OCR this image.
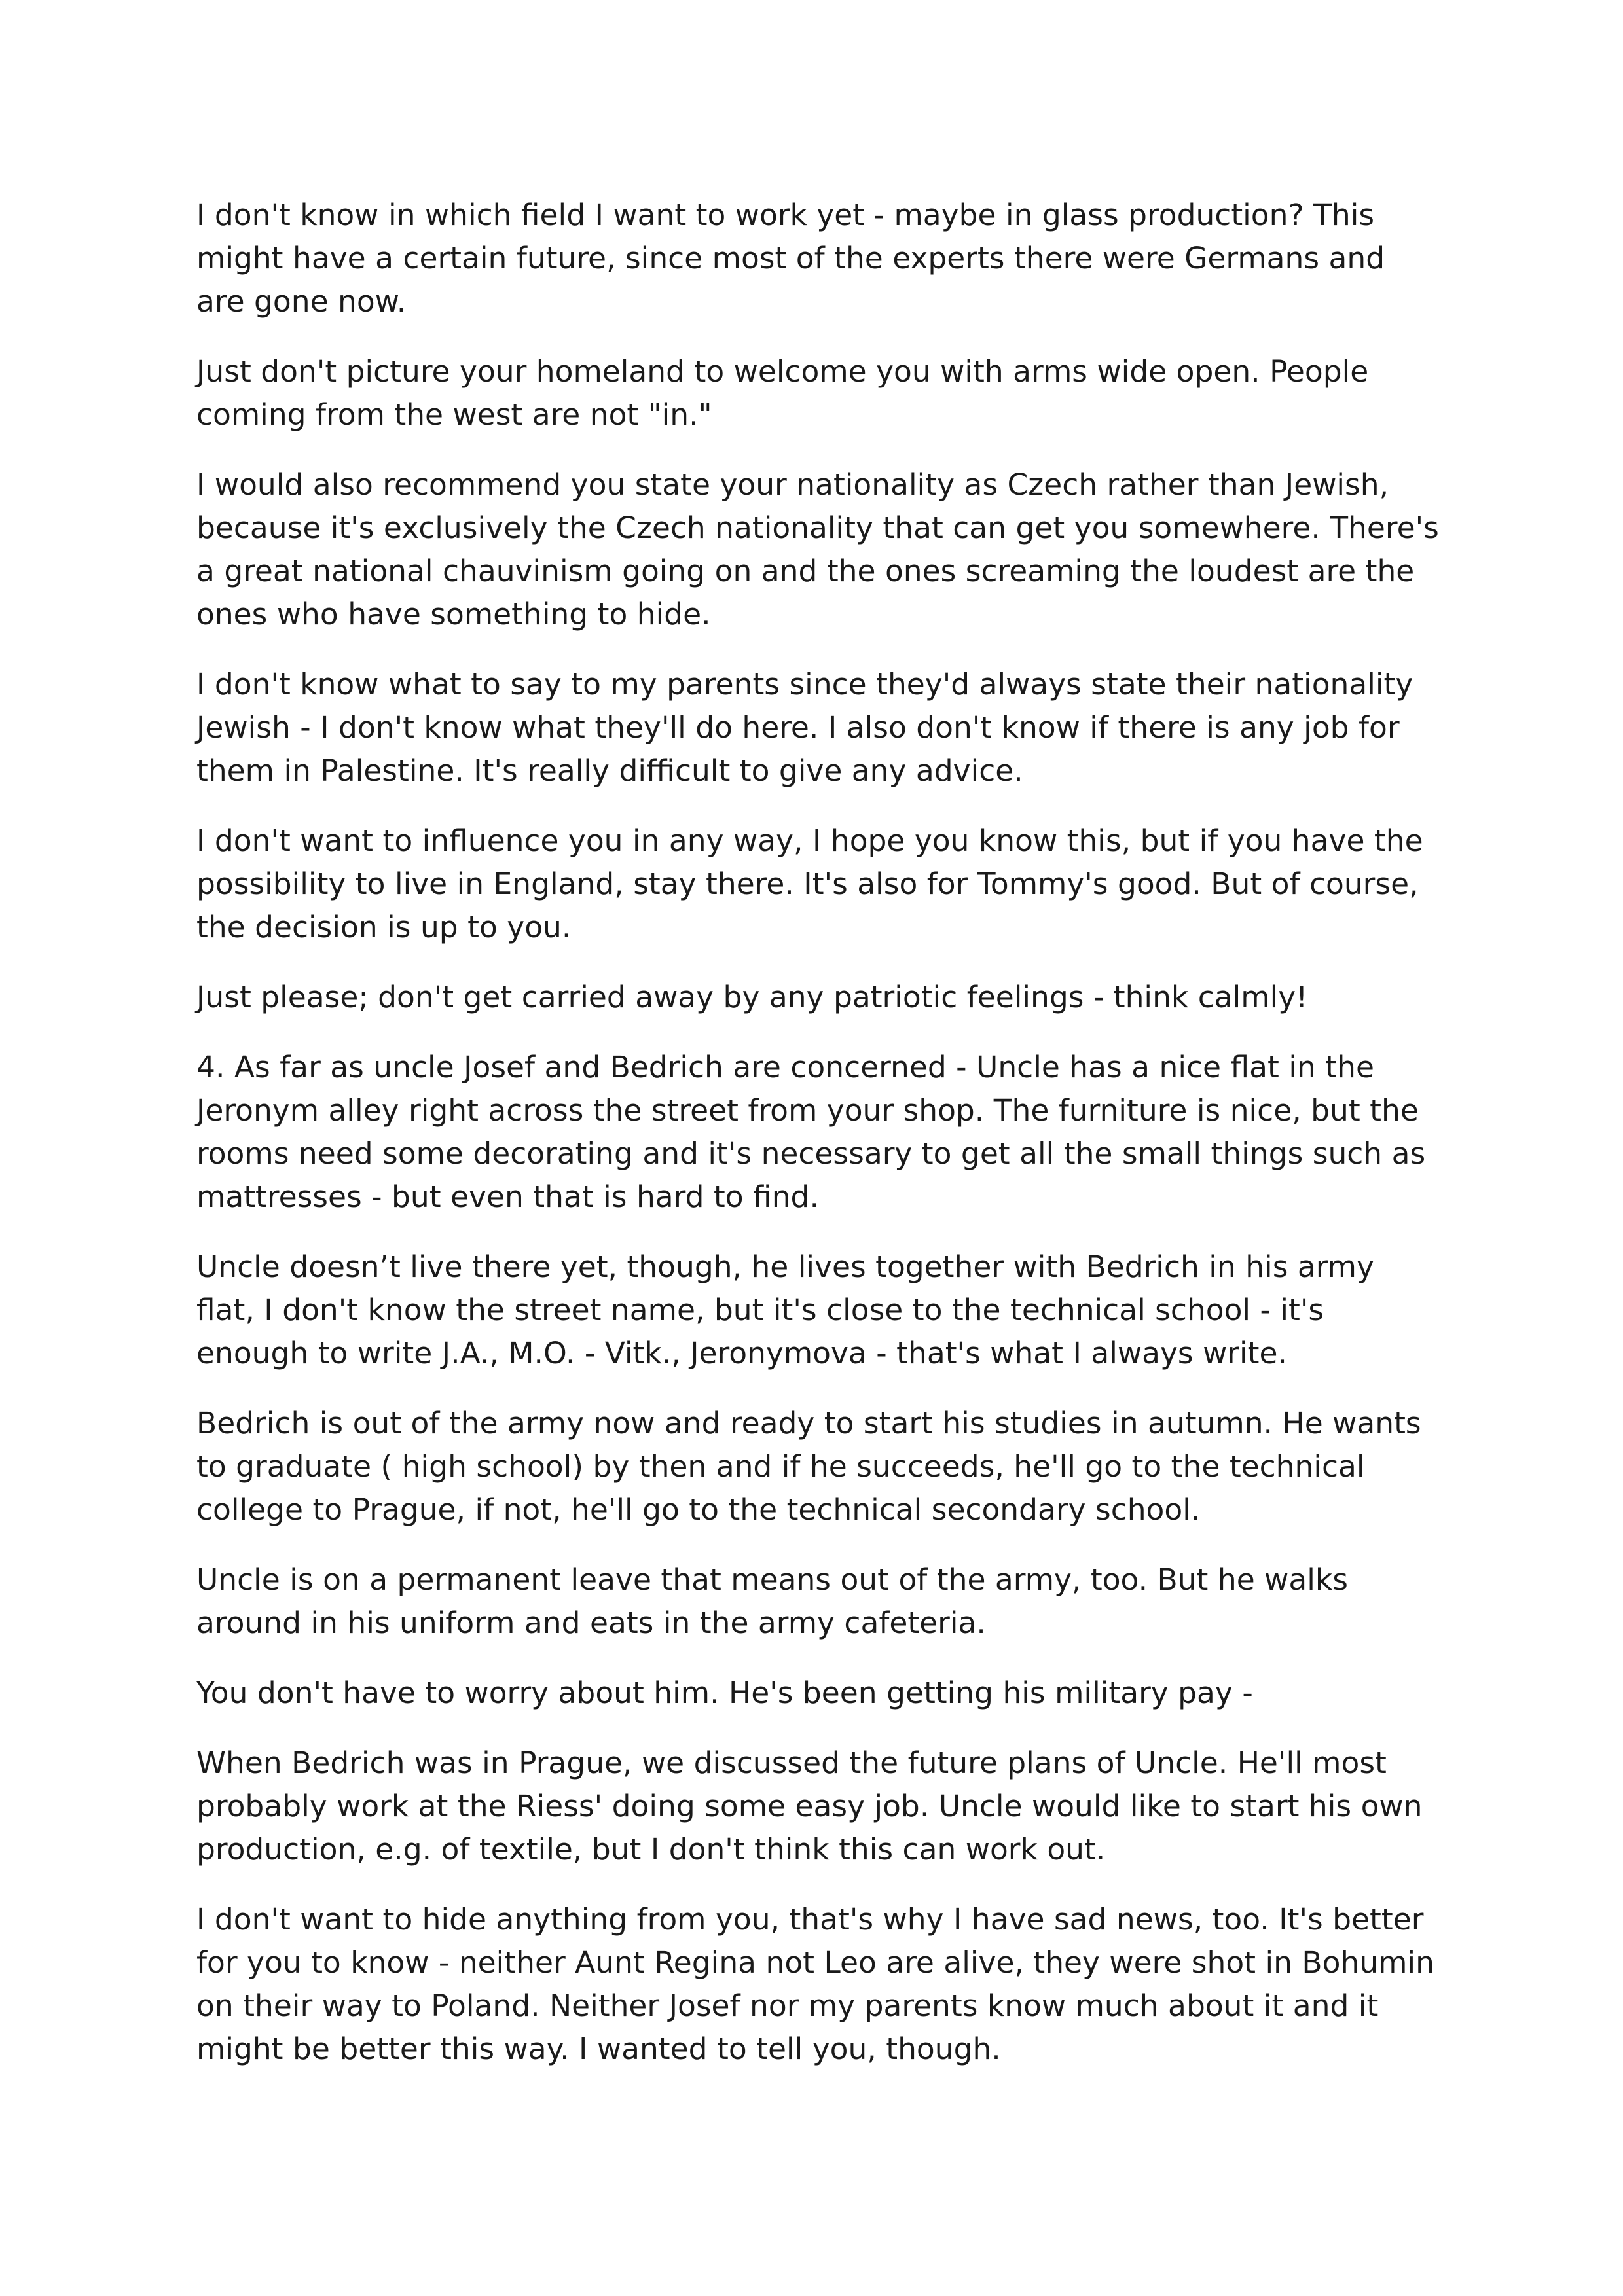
I don't know in which field I want to work yet - maybe in glass production? This might have a certain future, since most of the experts there were Germans and are gone now.

Just don't picture your homeland to welcome you with arms wide open. People coming from the west are not "in."

I would also recommend you state your nationality as Czech rather than Jewish, because it's exclusively the Czech nationality that can get you somewhere. There's a great national chauvinism going on and the ones screaming the loudest are the ones who have something to hide.

I don't know what to say to my parents since they'd always state their nationality Jewish - I don't know what they'll do here. I also don't know if there is any job for them in Palestine. It's really difficult to give any advice.

I don't want to influence you in any way, I hope you know this, but if you have the possibility to live in England, stay there. It's also for Tommy's good. But of course, the decision is up to you.

Just please; don't get carried away by any patriotic feelings - think calmly!

4. As far as uncle Josef and Bedrich are concerned - Uncle has a nice flat in the Jeronym alley right across the street from your shop. The furniture is nice, but the rooms need some decorating and it's necessary to get all the small things such as mattresses - but even that is hard to find.

Uncle doesn’t live there yet, though, he lives together with Bedrich in his army flat, I don't know the street name, but it's close to the technical school - it's enough to write J.A., M.O. - Vitk., Jeronymova - that's what I always write.

Bedrich is out of the army now and ready to start his studies in autumn. He wants to graduate ( high school) by then and if he succeeds, he'll go to the technical college to Prague, if not, he'll go to the technical secondary school.

Uncle is on a permanent leave that means out of the army, too. But he walks around in his uniform and eats in the army cafeteria.

You don't have to worry about him. He's been getting his military pay -

When Bedrich was in Prague, we discussed the future plans of Uncle. He'll most probably work at the Riess' doing some easy job. Uncle would like to start his own production, e.g. of textile, but I don't think this can work out.

I don't want to hide anything from you, that's why I have sad news, too. It's better for you to know - neither Aunt Regina not Leo are alive, they were shot in Bohumin on their way to Poland. Neither Josef nor my parents know much about it and it might be better this way. I wanted to tell you, though.
